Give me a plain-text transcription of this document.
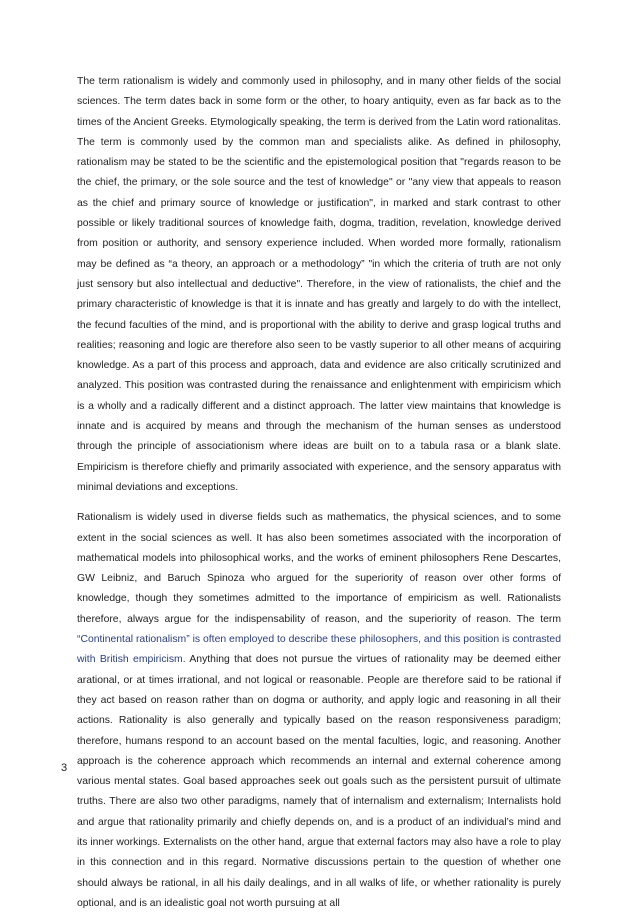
The term rationalism is widely and commonly used in philosophy, and in many other fields of the social sciences. The term dates back in some form or the other, to hoary antiquity, even as far back as to the times of the Ancient Greeks. Etymologically speaking, the term is derived from the Latin word rationalitas. The term is commonly used by the common man and specialists alike. As defined in philosophy, rationalism may be stated to be the scientific and the epistemological position that "regards reason to be the chief, the primary, or the sole source and the test of knowledge" or "any view that appeals to reason as the chief and primary source of knowledge or justification", in marked and stark contrast to other possible or likely traditional sources of knowledge faith, dogma, tradition, revelation, knowledge derived from position or authority, and sensory experience included. When worded more formally, rationalism may be defined as “a theory, an approach or a methodology” "in which the criteria of truth are not only just sensory but also intellectual and deductive". Therefore, in the view of rationalists, the chief and the primary characteristic of knowledge is that it is innate and has greatly and largely to do with the intellect, the fecund faculties of the mind, and is proportional with the ability to derive and grasp logical truths and realities; reasoning and logic are therefore also seen to be vastly superior to all other means of acquiring knowledge. As a part of this process and approach, data and evidence are also critically scrutinized and analyzed. This position was contrasted during the renaissance and enlightenment with empiricism which is a wholly and a radically different and a distinct approach. The latter view maintains that knowledge is innate and is acquired by means and through the mechanism of the human senses as understood through the principle of associationism where ideas are built on to a tabula rasa or a blank slate. Empiricism is therefore chiefly and primarily associated with experience, and the sensory apparatus with minimal deviations and exceptions.

Rationalism is widely used in diverse fields such as mathematics, the physical sciences, and to some extent in the social sciences as well. It has also been sometimes associated with the incorporation of mathematical models into philosophical works, and the works of eminent philosophers Rene Descartes, GW Leibniz, and Baruch Spinoza who argued for the superiority of reason over other forms of knowledge, though they sometimes admitted to the importance of empiricism as well. Rationalists therefore, always argue for the indispensability of reason, and the superiority of reason. The term “Continental rationalism” is often employed to describe these philosophers, and this position is contrasted with British empiricism. Anything that does not pursue the virtues of rationality may be deemed either arational, or at times irrational, and not logical or reasonable. People are therefore said to be rational if they act based on reason rather than on dogma or authority, and apply logic and reasoning in all their actions. Rationality is also generally and typically based on the reason responsiveness paradigm; therefore, humans respond to an account based on the mental faculties, logic, and reasoning. Another approach is the coherence approach which recommends an internal and external coherence among various mental states. Goal based approaches seek out goals such as the persistent pursuit of ultimate truths. There are also two other paradigms, namely that of internalism and externalism; Internalists hold and argue that rationality primarily and chiefly depends on, and is a product of an individual’s mind and its inner workings. Externalists on the other hand, argue that external factors may also have a role to play in this connection and in this regard. Normative discussions pertain to the question of whether one should always be rational, in all his daily dealings, and in all walks of life, or whether rationality is purely optional, and is an idealistic goal not worth pursuing at all

3
